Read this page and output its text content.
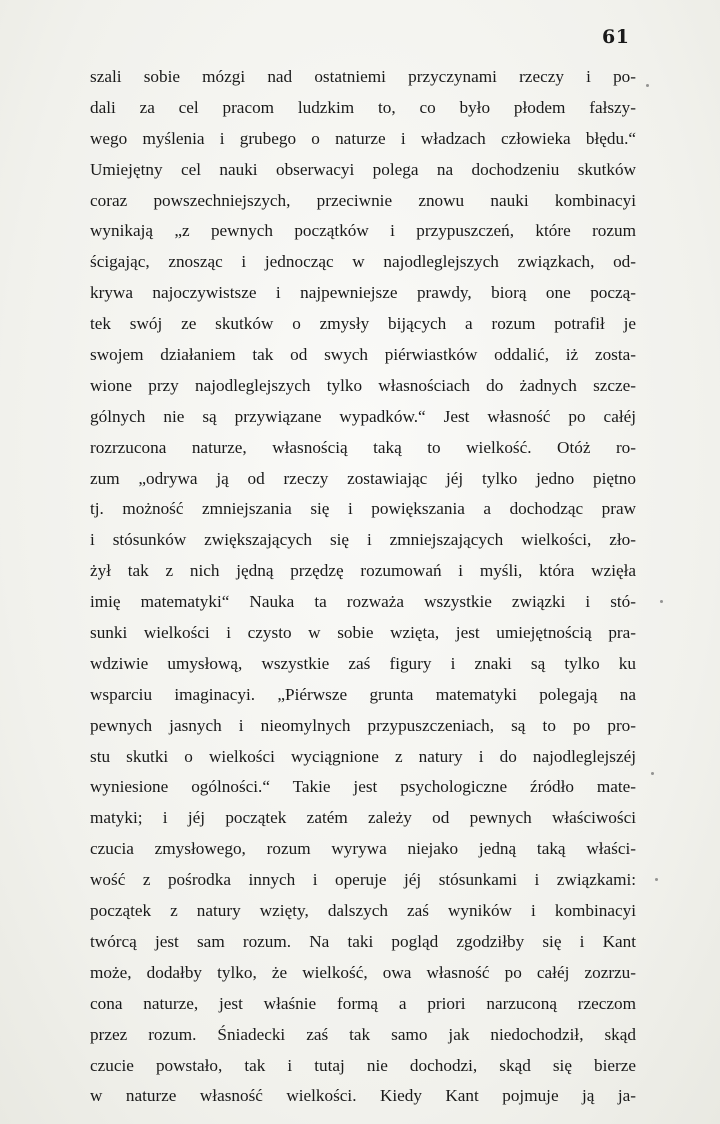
61
szali sobie mózgi nad ostatniemi przyczynami rzeczy i po-
dali za cel pracom ludzkim to, co było płodem fałszy-
wego myślenia i grubego o naturze i władzach człowieka błędu.“
Umiejętny cel nauki obserwacyi polega na dochodzeniu skutków
coraz powszechniejszych, przeciwnie znowu nauki kombinacyi
wynikają „z pewnych początków i przypuszczeń, które rozum
ścigając, znosząc i jednocząc w najodleglejszych związkach, od-
krywa najoczywistsze i najpewniejsze prawdy, biorą one począ-
tek swój ze skutków o zmysły bijących a rozum potrafił je
swojem działaniem tak od swych piérwiastków oddalić, iż zosta-
wione przy najodleglejszych tylko własnościach do żadnych szcze-
gólnych nie są przywiązane wypadków.“ Jest własność po całéj
rozrzucona naturze, własnością taką to wielkość. Otóż ro-
zum „odrywa ją od rzeczy zostawiając jéj tylko jedno piętno
tj. możność zmniejszania się i powiększania a dochodząc praw
i stósunków zwiększających się i zmniejszających wielkości, zło-
żył tak z nich jędną przędzę rozumowań i myśli, która wzięła
imię matematyki“ Nauka ta rozważa wszystkie związki i stó-
sunki wielkości i czysto w sobie wzięta, jest umiejętnością pra-
wdziwie umysłową, wszystkie zaś figury i znaki są tylko ku
wsparciu imaginacyi. „Piérwsze grunta matematyki polegają na
pewnych jasnych i nieomylnych przypuszczeniach, są to po pro-
stu skutki o wielkości wyciągnione z natury i do najodleglejszéj
wyniesione ogólności.“ Takie jest psychologiczne źródło mate-
matyki; i jéj początek zatém zależy od pewnych właściwości
czucia zmysłowego, rozum wyrywa niejako jedną taką właści-
wość z pośrodka innych i operuje jéj stósunkami i związkami:
początek z natury wzięty, dalszych zaś wyników i kombinacyi
twórcą jest sam rozum. Na taki pogląd zgodziłby się i Kant
może, dodałby tylko, że wielkość, owa własność po całéj zozrzu-
cona naturze, jest właśnie formą a priori narzuconą rzeczom
przez rozum. Śniadecki zaś tak samo jak niedochodził, skąd
czucie powstało, tak i tutaj nie dochodzi, skąd się bierze
w naturze własność wielkości. Kiedy Kant pojmuje ją ja-
